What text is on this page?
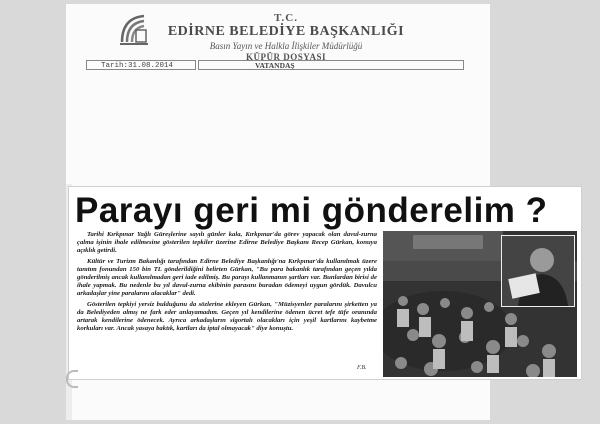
T.C.
EDİRNE BELEDİYE BAŞKANLIĞI
Basın Yayın ve Halkla İlişkiler Müdürlüğü
KÜPÜR DOSYASI
Tarih:31.08.2014	VATANDAŞ
Parayı geri mi gönderelim ?

Tarihi Kırkpınar Yağlı Güreşlerine sayılı günler kala, Kırkpınar'da görev yapacak olan davul-zurna çalma işinin ihale edilmesine gösterilen tepkiler üzerine Edirne Belediye Başkanı Recep Gürkan, konuya açıklık getirdi.

Kültür ve Turizm Bakanlığı tarafından Edirne Belediye Başkanlığı'na Kırkpınar'da kullanılmak üzere tanıtım fonundan 150 bin TL gönderildiğini belirten Gürkan, "Bu para bakanlık tarafından geçen yılda gönderilmiş ancak kullanılmadan geri iade edilmiş. Bu parayı kullanmanın şartları var. Bunlardan birisi de ihale yapmak. Bu nedenle bu yıl davul-zurna ekibinin parasını buradan ödemeyi uygun gördük. Davulcu arkadaşlar yine paralarını alacaklar" dedi.

Gösterilen tepkiyi yersiz bulduğunu da sözlerine ekleyen Gürkan, "Müzisyenler paralarını şirketten ya da Belediyeden almış ne fark eder anlayamadım. Geçen yıl kendilerine ödenen ücret tefe tüfe oranında artarak kendilerine ödenecek. Ayrıca arkadaşların sigortalı olacakları için yeşil kartlarını kaybetme korkuları var. Ancak yasaya baktık, kartları da iptal olmayacak" diye konuştu.

F.B.
